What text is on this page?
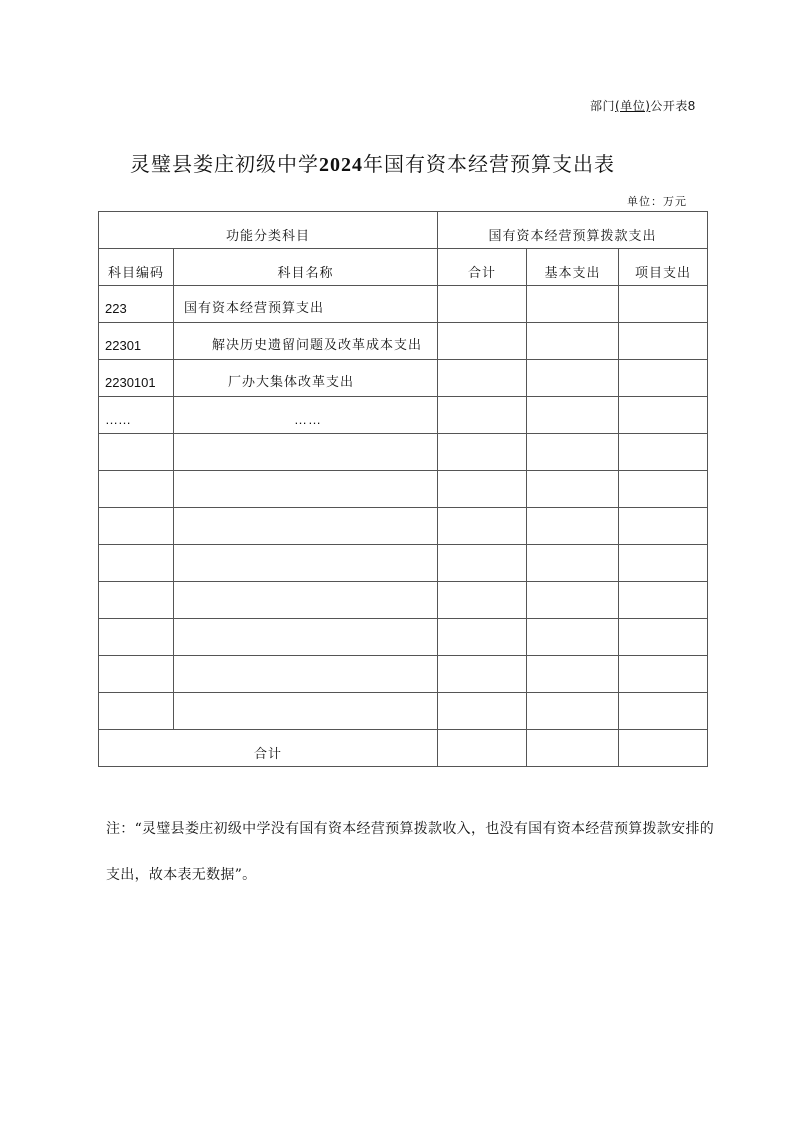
部门(单位)公开表8
灵璧县娄庄初级中学2024年国有资本经营预算支出表
单位：万元
功能分类科目		国有资本经营预算拨款支出		
科目编码	科目名称	合计	基本支出	项目支出
223	国有资本经营预算支出			
22301	解决历史遗留问题及改革成本支出			
2230101	厂办大集体改革支出			
……	……			

合计				
注：“灵璧县娄庄初级中学没有国有资本经营预算拨款收入，也没有国有资本经营预算拨款安排的支出，故本表无数据”。
